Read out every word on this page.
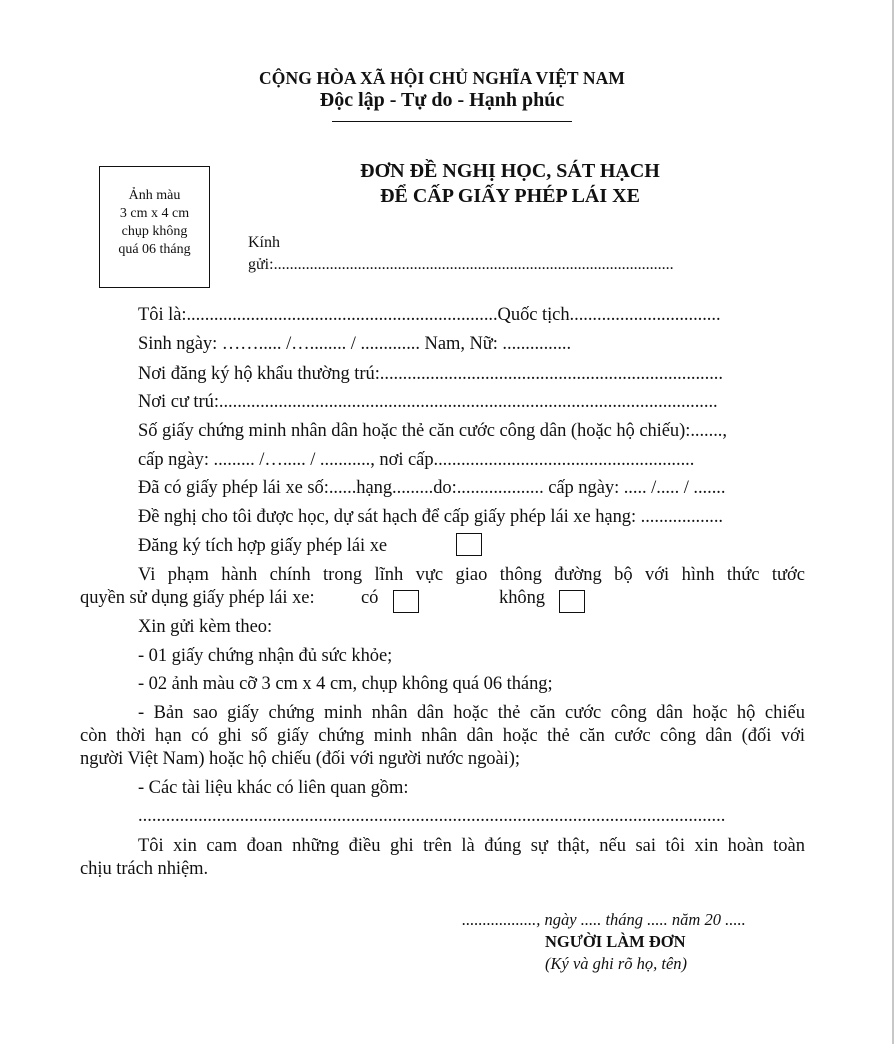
CỘNG HÒA XÃ HỘI CHỦ NGHĨA VIỆT NAM
Độc lập - Tự do - Hạnh phúc
Ảnh màu
3 cm x 4 cm
chụp không
quá 06 tháng
ĐƠN ĐỀ NGHỊ HỌC, SÁT HẠCH
ĐỂ CẤP GIẤY PHÉP LÁI XE
Kính
gửi:....................................................................................................
Tôi là:....................................................................Quốc tịch.................................
Sinh ngày: ……..... /…........ / ............. Nam, Nữ: ...............
Nơi đăng ký hộ khẩu thường trú:...........................................................................
Nơi cư trú:.............................................................................................................
Số giấy chứng minh nhân dân hoặc thẻ căn cước công dân (hoặc hộ chiếu):.......,
cấp ngày: ......... /…..... / ..........., nơi cấp.........................................................
Đã có giấy phép lái xe số:......hạng.........do:................... cấp ngày: ..... /..... / .......
Đề nghị cho tôi được học, dự sát hạch để cấp giấy phép lái xe hạng: ..................
Đăng ký tích hợp giấy phép lái xe
Vi phạm hành chính trong lĩnh vực giao thông đường bộ với hình thức tước
quyền sử dụng giấy phép lái xe:	có	không
Xin gửi kèm theo:
- 01 giấy chứng nhận đủ sức khỏe;
- 02 ảnh màu cỡ 3 cm x 4 cm, chụp không quá 06 tháng;
- Bản sao giấy chứng minh nhân dân hoặc thẻ căn cước công dân hoặc hộ chiếu
còn thời hạn có ghi số giấy chứng minh nhân dân hoặc thẻ căn cước công dân (đối với
người Việt Nam) hoặc hộ chiếu (đối với người nước ngoài);
- Các tài liệu khác có liên quan gồm:
...............................................................................................................................
Tôi xin cam đoan những điều ghi trên là đúng sự thật, nếu sai tôi xin hoàn toàn
chịu trách nhiệm.
.................., ngày ..... tháng ..... năm 20 .....
NGƯỜI LÀM ĐƠN
(Ký và ghi rõ họ, tên)
